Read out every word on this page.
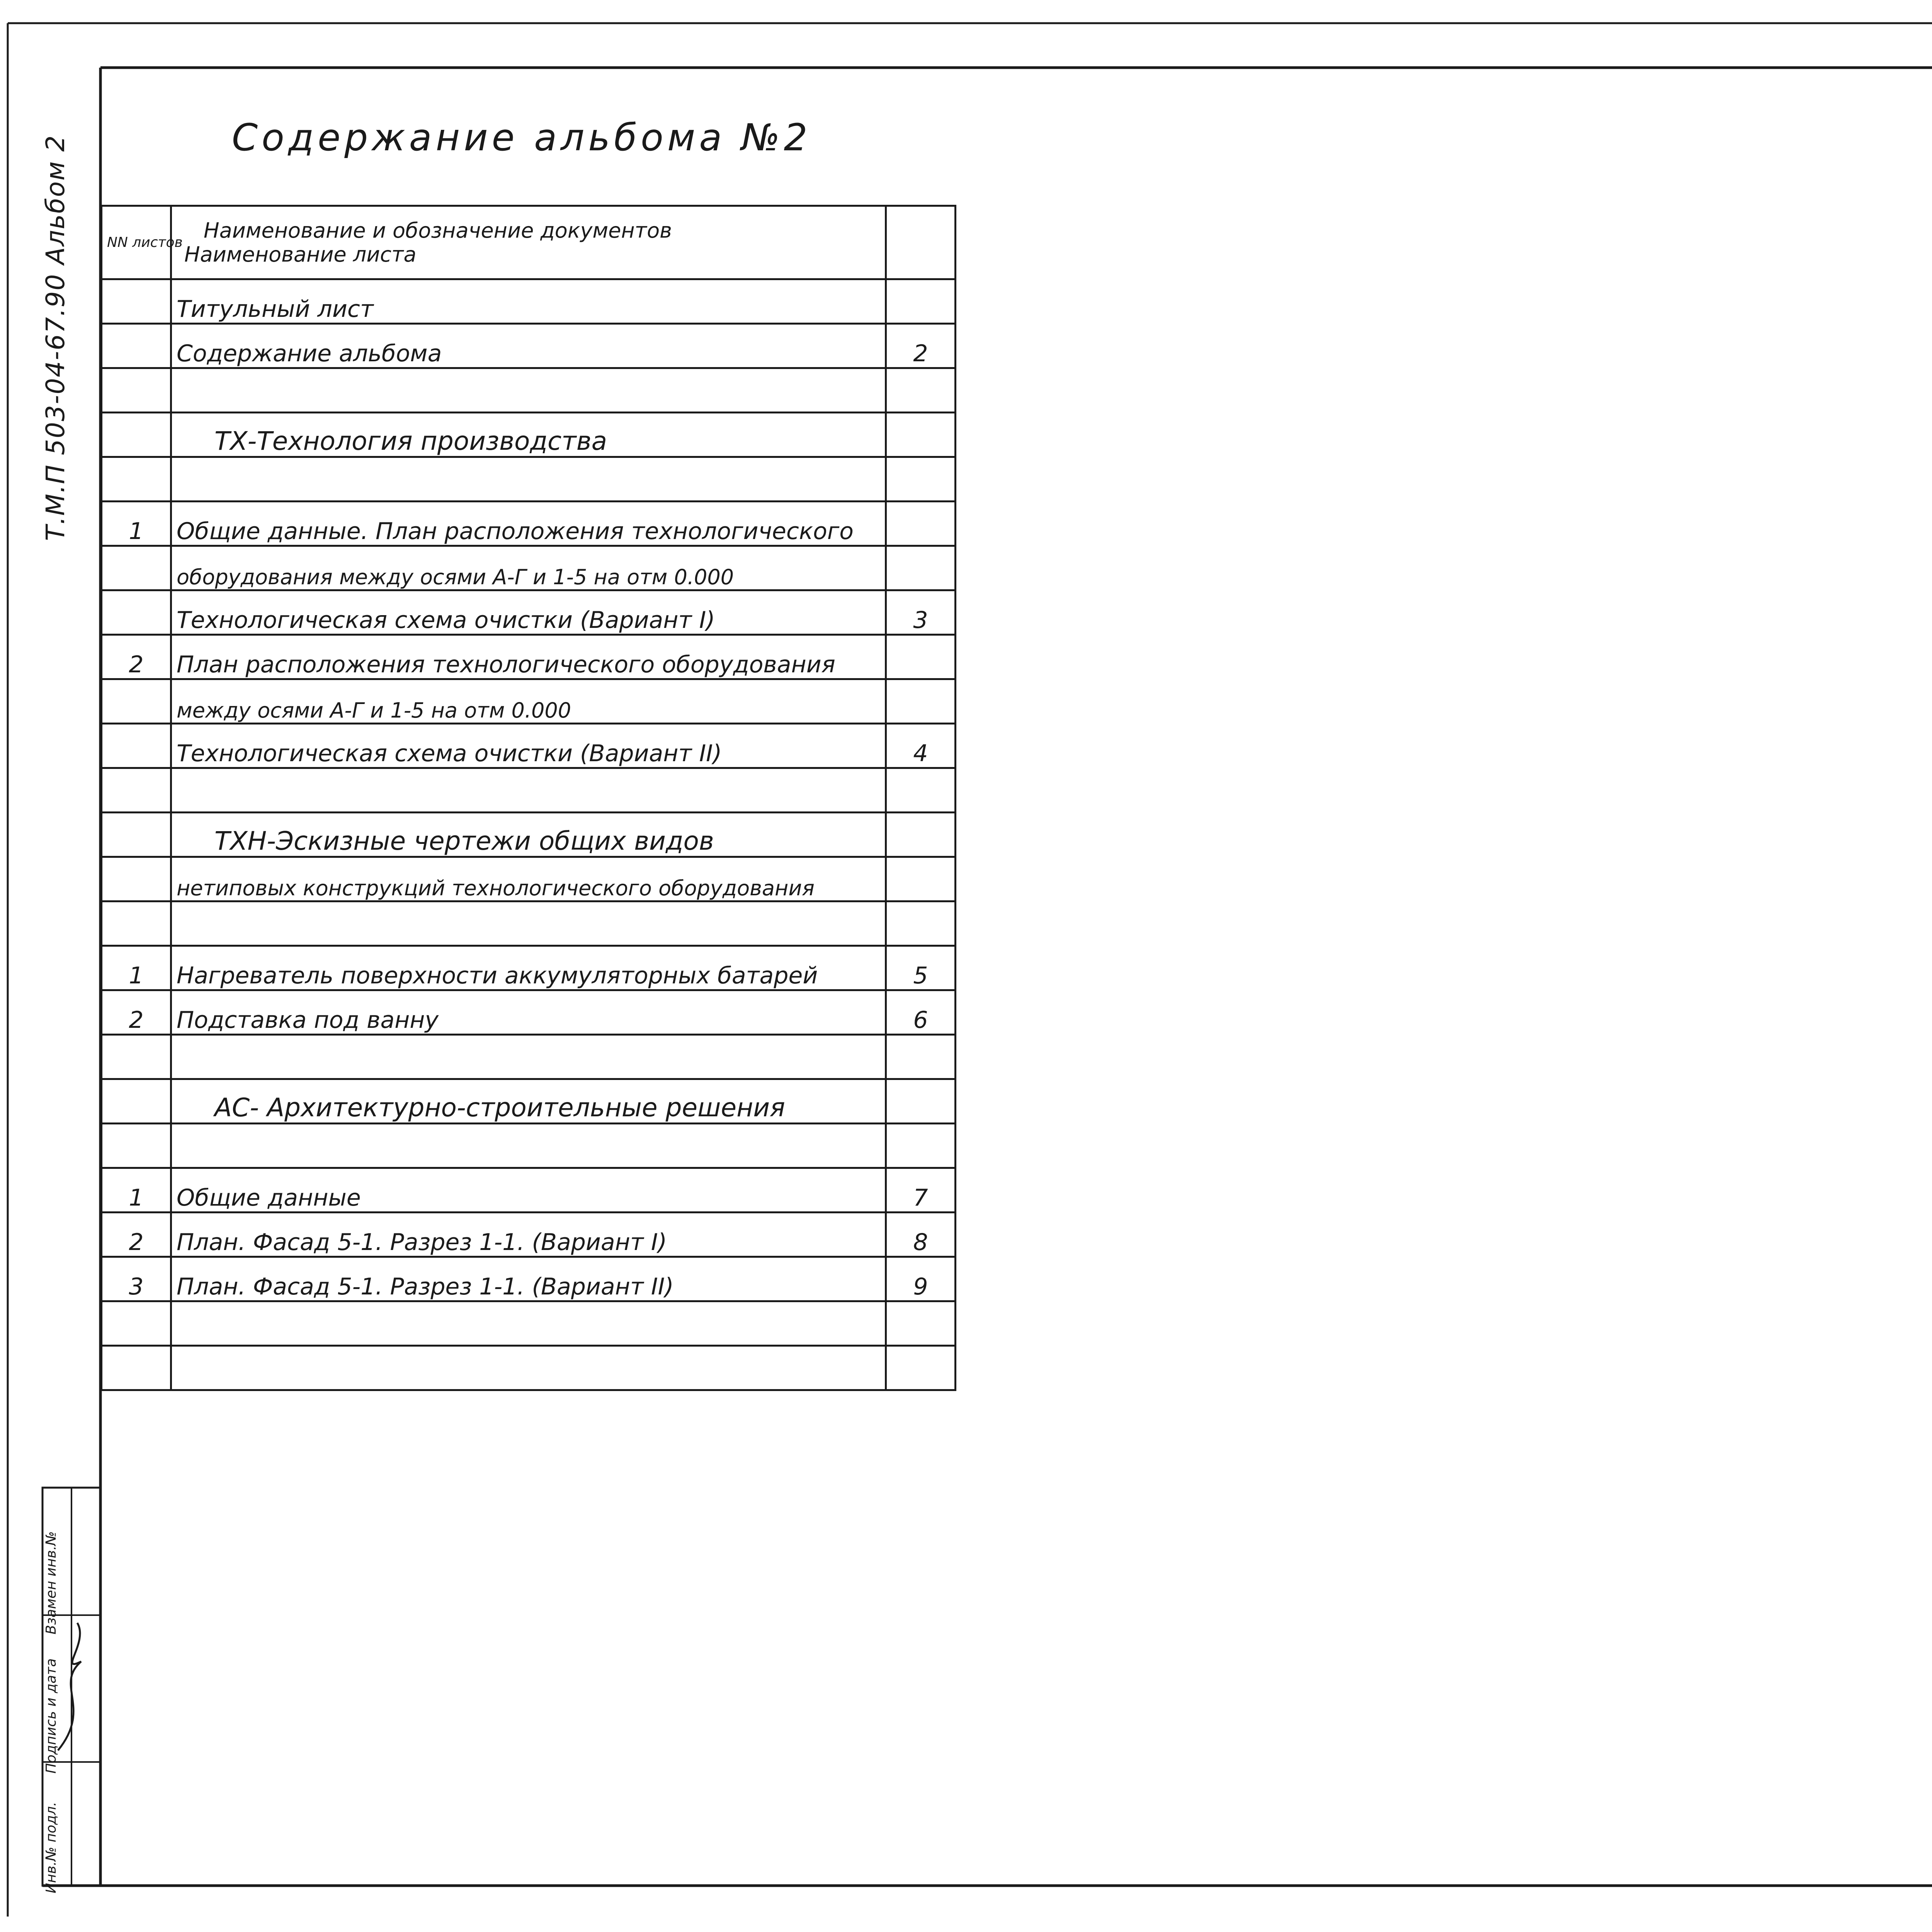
Содержание альбома №2
Т.М.П 503-04-67.90 Альбом 2
Инв.№ подл.
Подпись и дата
Взамен инв.№
NN листов	Наименование и обозначение документов
Наименование листа	

	Титульный лист	
	Содержание альбома	2

	ТХ-Технология производства	

1	Общие данные. План расположения технологического	
	оборудования между осями А-Г и 1-5 на отм 0.000	
	Технологическая схема очистки (Вариант I)	3
2	План расположения технологического оборудования	
	между осями А-Г и 1-5 на отм 0.000	
	Технологическая схема очистки (Вариант II)	4

	ТХН-Эскизные чертежи общих видов	
	нетиповых конструкций технологического оборудования	

1	Нагреватель поверхности аккумуляторных батарей	5
2	Подставка под ванну	6

	АС- Архитектурно-строительные решения	

1	Общие данные	7
2	План. Фасад 5-1. Разрез 1-1. (Вариант I)	8
3	План. Фасад 5-1. Разрез 1-1. (Вариант II)	9
